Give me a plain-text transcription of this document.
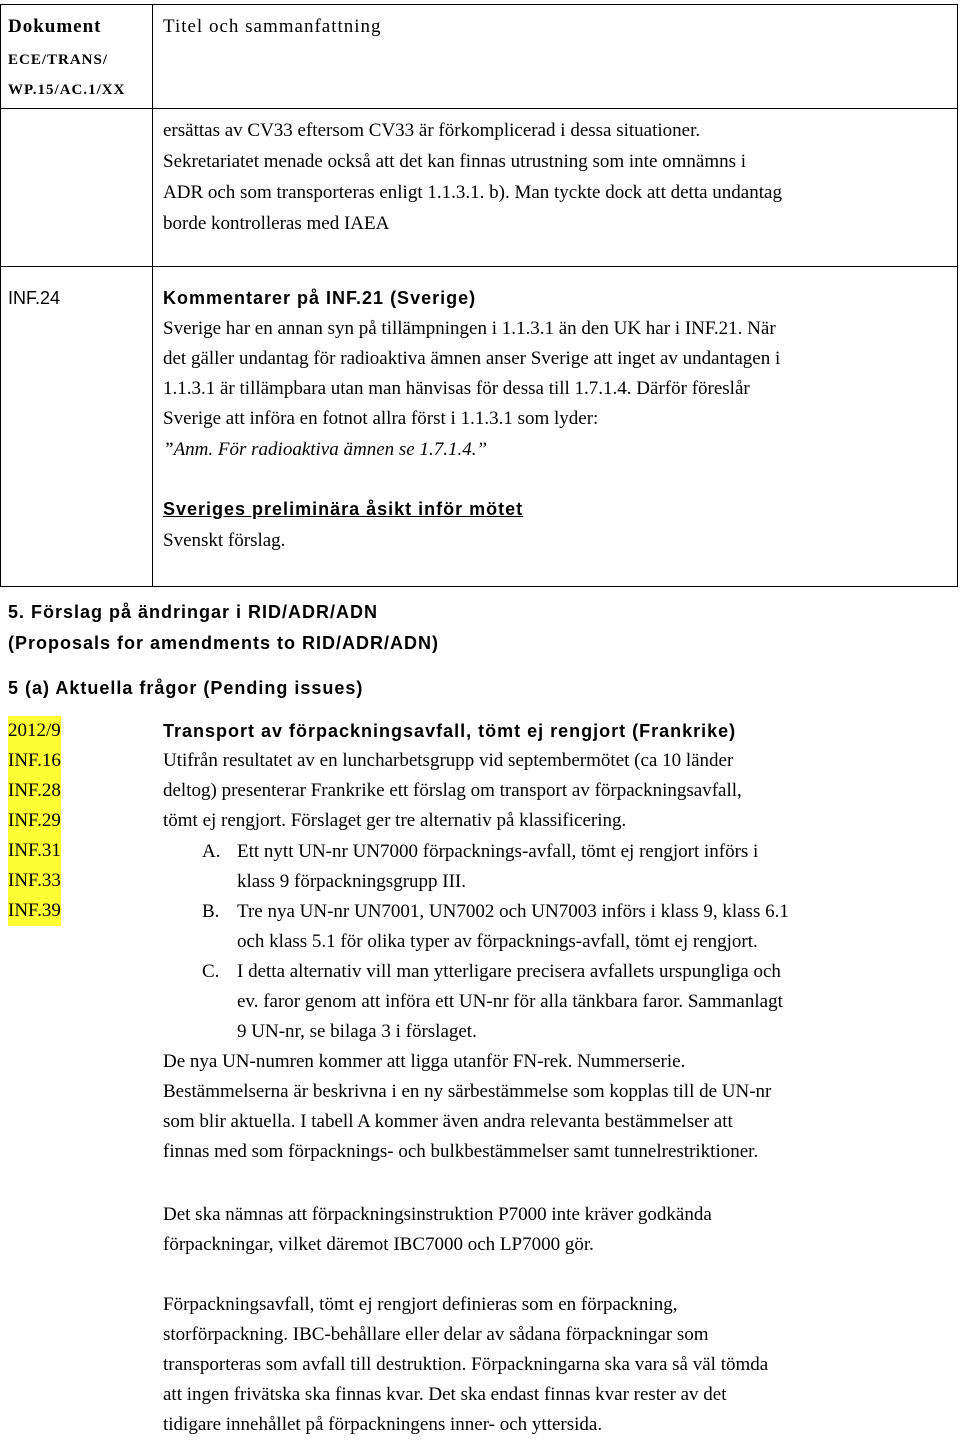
Dokument
ECE/TRANS/
WP.15/AC.1/XX
Titel och sammanfattning
ersättas av CV33 eftersom CV33 är förkomplicerad i dessa situationer.
Sekretariatet menade också att det kan finnas utrustning som inte omnämns i
ADR och som transporteras enligt 1.1.3.1. b). Man tyckte dock att detta undantag
borde kontrolleras med IAEA
INF.24	Kommentarer på INF.21 (Sverige)
Sverige har en annan syn på tillämpningen i 1.1.3.1 än den UK har i INF.21. När
det gäller undantag för radioaktiva ämnen anser Sverige att inget av undantagen i
1.1.3.1 är tillämpbara utan man hänvisas för dessa till 1.7.1.4. Därför föreslår
Sverige att införa en fotnot allra först i 1.1.3.1 som lyder:
”Anm. För radioaktiva ämnen se 1.7.1.4.”
Sveriges preliminära åsikt inför mötet
Svenskt förslag.
5. Förslag på ändringar i RID/ADR/ADN
(Proposals for amendments to RID/ADR/ADN)
5 (a) Aktuella frågor (Pending issues)
2012/9
INF.16
INF.28
INF.29
INF.31
INF.33
INF.39
Transport av förpackningsavfall, tömt ej rengjort (Frankrike)
Utifrån resultatet av en luncharbetsgrupp vid septembermötet (ca 10 länder
deltog) presenterar Frankrike ett förslag om transport av förpackningsavfall,
tömt ej rengjort. Förslaget ger tre alternativ på klassificering.
A. Ett nytt UN-nr UN7000 förpacknings-avfall, tömt ej rengjort införs i
klass 9 förpackningsgrupp III.
B. Tre nya UN-nr UN7001, UN7002 och UN7003 införs i klass 9, klass 6.1
och klass 5.1 för olika typer av förpacknings-avfall, tömt ej rengjort.
C. I detta alternativ vill man ytterligare precisera avfallets urspungliga och
ev. faror genom att införa ett UN-nr för alla tänkbara faror. Sammanlagt
9 UN-nr, se bilaga 3 i förslaget.
De nya UN-numren kommer att ligga utanför FN-rek. Nummerserie.
Bestämmelserna är beskrivna i en ny särbestämmelse som kopplas till de UN-nr
som blir aktuella. I tabell A kommer även andra relevanta bestämmelser att
finnas med som förpacknings- och bulkbestämmelser samt tunnelrestriktioner.
Det ska nämnas att förpackningsinstruktion P7000 inte kräver godkända
förpackningar, vilket däremot IBC7000 och LP7000 gör.
Förpackningsavfall, tömt ej rengjort definieras som en förpackning,
storförpackning. IBC-behållare eller delar av sådana förpackningar som
transporteras som avfall till destruktion. Förpackningarna ska vara så väl tömda
att ingen frivätska ska finnas kvar. Det ska endast finnas kvar rester av det
tidigare innehållet på förpackningens inner- och yttersida.
